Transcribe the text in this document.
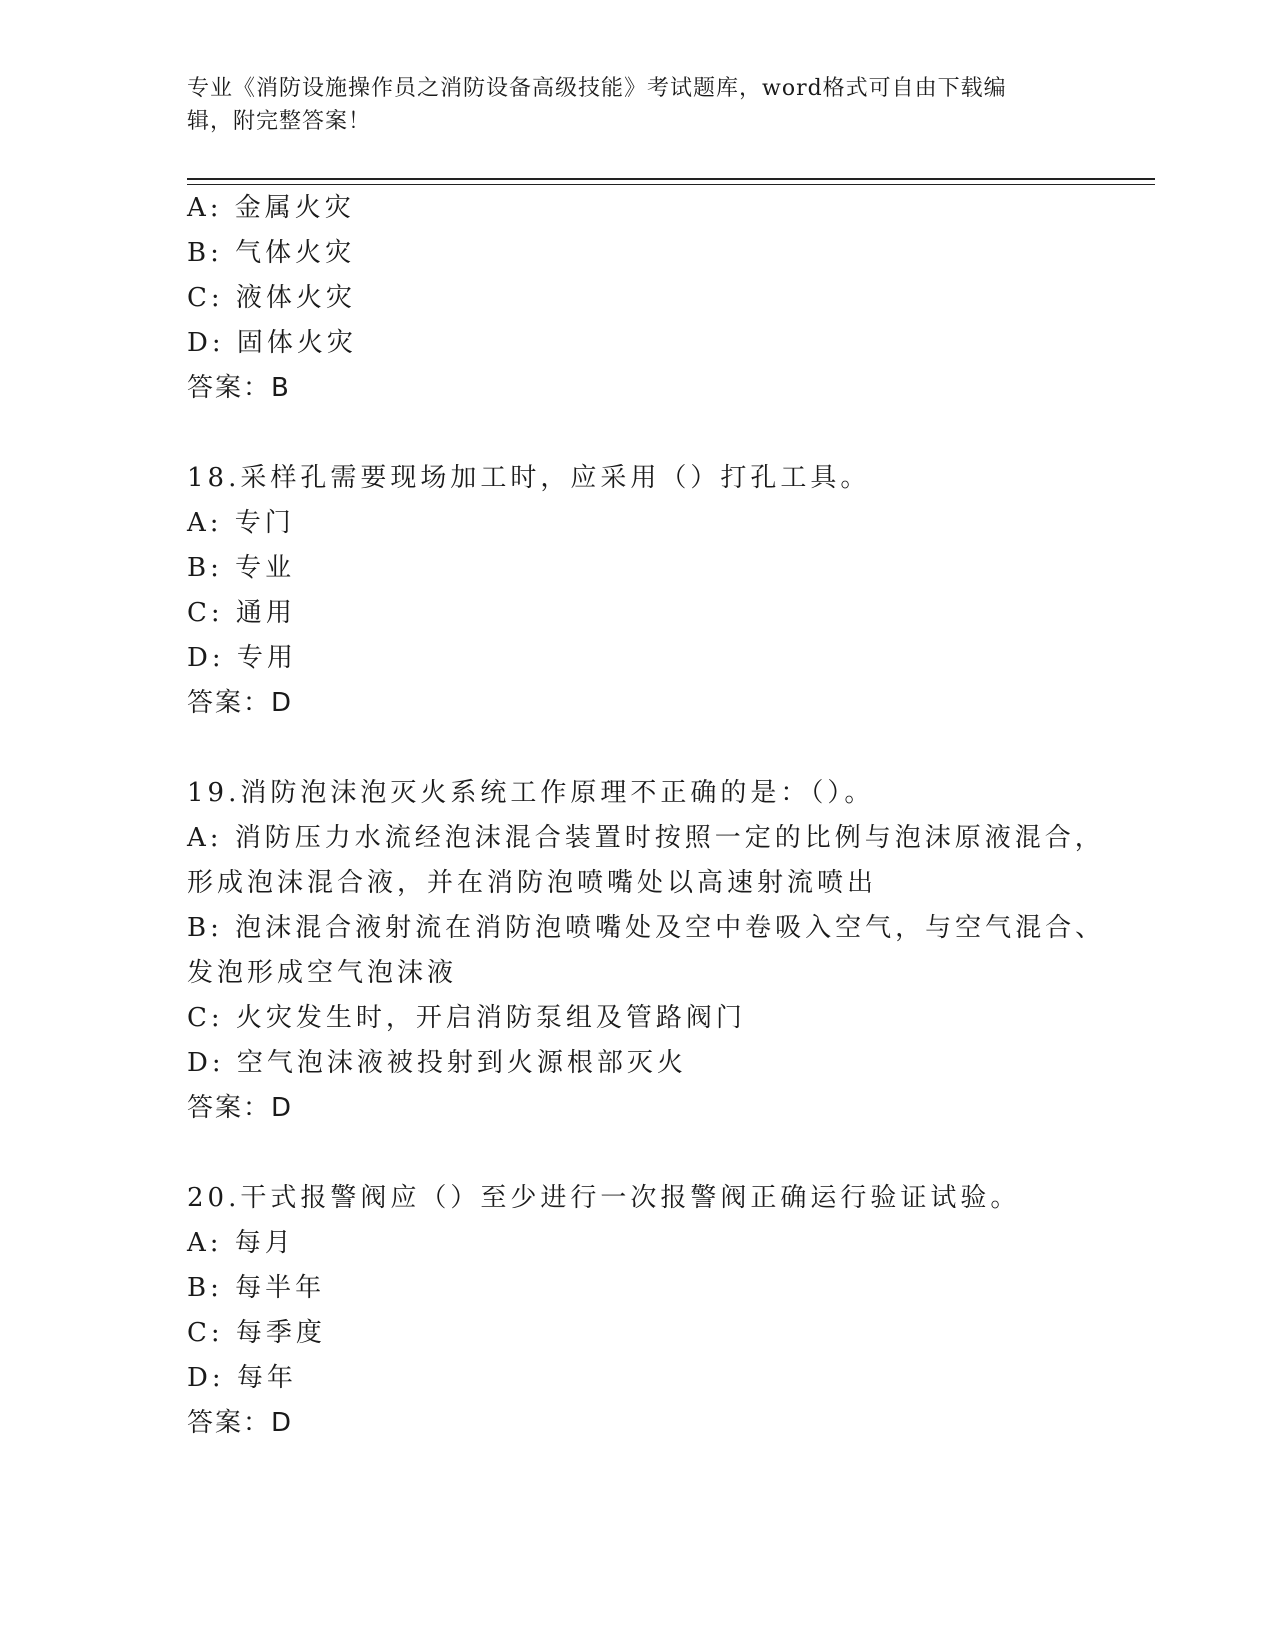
专业《消防设施操作员之消防设备高级技能》考试题库，word格式可自由下载编
辑，附完整答案！
A: 金属火灾
B: 气体火灾
C: 液体火灾
D: 固体火灾
答案：B
18.采样孔需要现场加工时，应采用（）打孔工具。
A: 专门
B: 专业
C: 通用
D: 专用
答案：D
19.消防泡沫泡灭火系统工作原理不正确的是：（）。
A: 消防压力水流经泡沫混合装置时按照一定的比例与泡沫原液混合，
形成泡沫混合液，并在消防泡喷嘴处以高速射流喷出
B: 泡沫混合液射流在消防泡喷嘴处及空中卷吸入空气，与空气混合、
发泡形成空气泡沫液
C: 火灾发生时，开启消防泵组及管路阀门
D: 空气泡沫液被投射到火源根部灭火
答案：D
20.干式报警阀应（）至少进行一次报警阀正确运行验证试验。
A: 每月
B: 每半年
C: 每季度
D: 每年
答案：D
